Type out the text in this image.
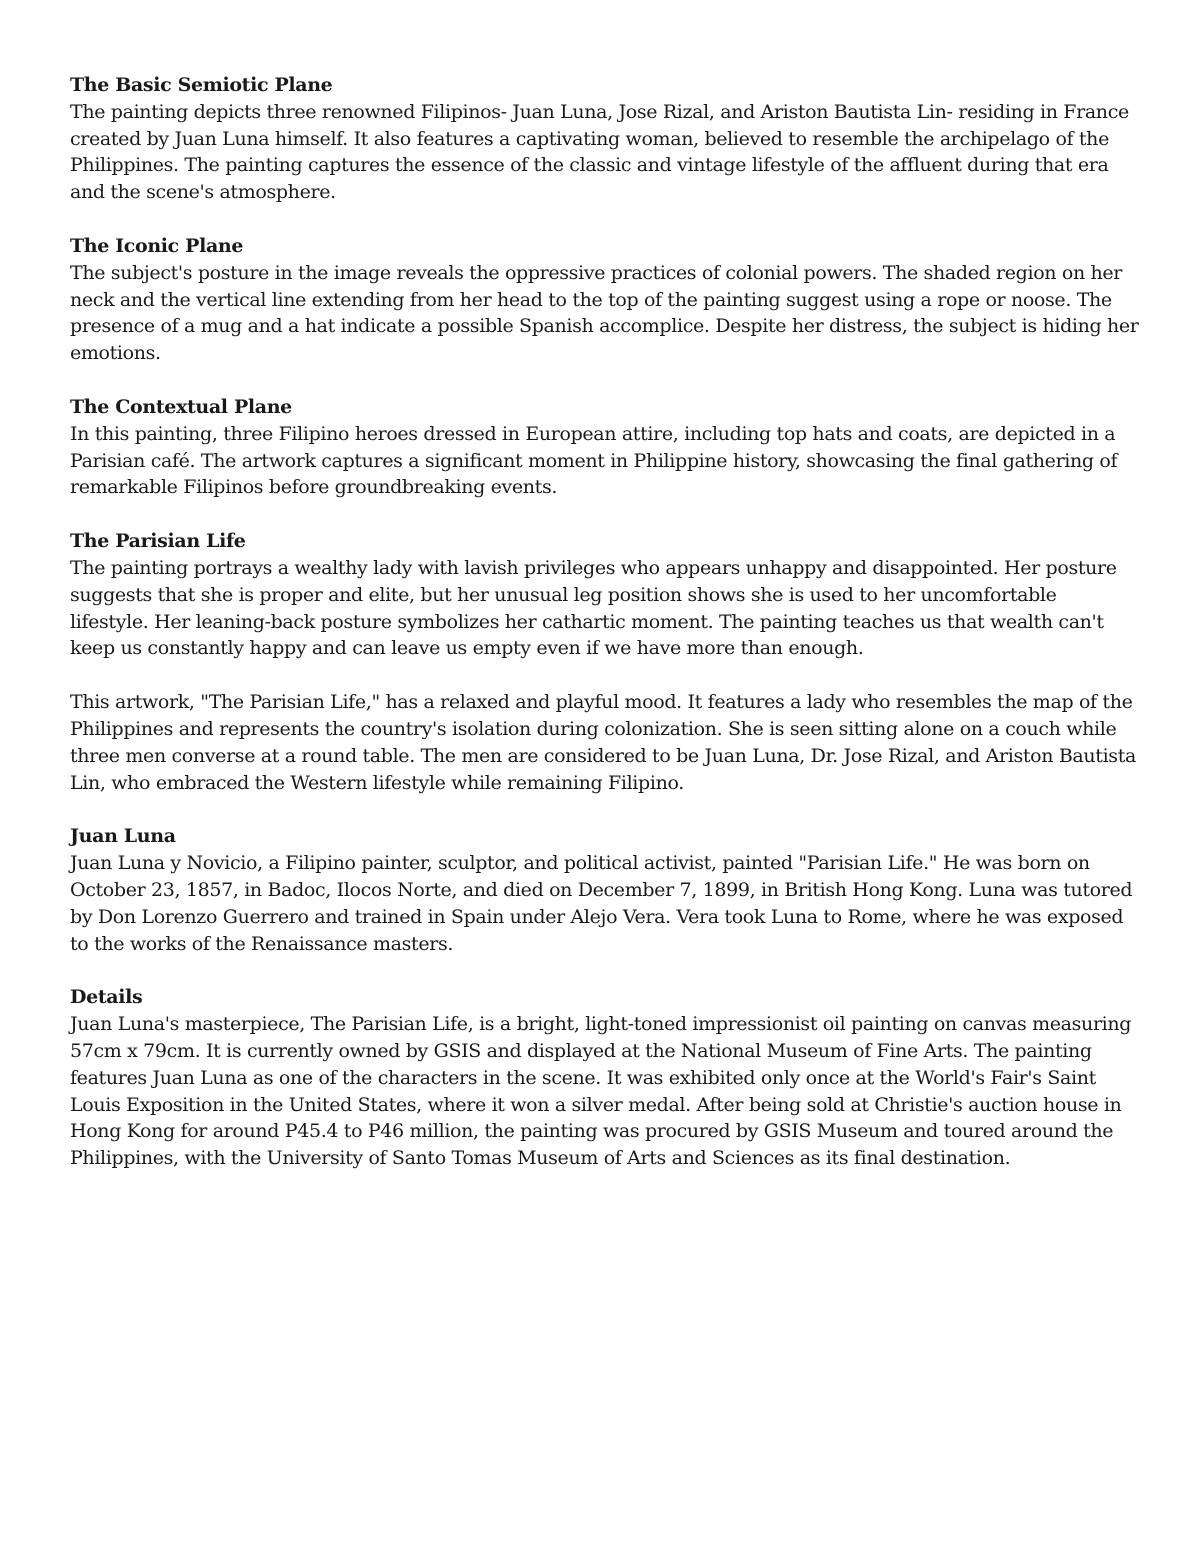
The Basic Semiotic Plane

The painting depicts three renowned Filipinos- Juan Luna, Jose Rizal, and Ariston Bautista Lin- residing in France created by Juan Luna himself. It also features a captivating woman, believed to resemble the archipelago of the Philippines. The painting captures the essence of the classic and vintage lifestyle of the affluent during that era and the scene's atmosphere.

The Iconic Plane

The subject's posture in the image reveals the oppressive practices of colonial powers. The shaded region on her neck and the vertical line extending from her head to the top of the painting suggest using a rope or noose. The presence of a mug and a hat indicate a possible Spanish accomplice. Despite her distress, the subject is hiding her emotions.

The Contextual Plane

In this painting, three Filipino heroes dressed in European attire, including top hats and coats, are depicted in a Parisian café. The artwork captures a significant moment in Philippine history, showcasing the final gathering of remarkable Filipinos before groundbreaking events.

The Parisian Life

The painting portrays a wealthy lady with lavish privileges who appears unhappy and disappointed. Her posture suggests that she is proper and elite, but her unusual leg position shows she is used to her uncomfortable lifestyle. Her leaning-back posture symbolizes her cathartic moment. The painting teaches us that wealth can't keep us constantly happy and can leave us empty even if we have more than enough.

This artwork, "The Parisian Life," has a relaxed and playful mood. It features a lady who resembles the map of the Philippines and represents the country's isolation during colonization. She is seen sitting alone on a couch while three men converse at a round table. The men are considered to be Juan Luna, Dr. Jose Rizal, and Ariston Bautista Lin, who embraced the Western lifestyle while remaining Filipino.

Juan Luna

Juan Luna y Novicio, a Filipino painter, sculptor, and political activist, painted "Parisian Life." He was born on October 23, 1857, in Badoc, Ilocos Norte, and died on December 7, 1899, in British Hong Kong. Luna was tutored by Don Lorenzo Guerrero and trained in Spain under Alejo Vera. Vera took Luna to Rome, where he was exposed to the works of the Renaissance masters.

Details

Juan Luna's masterpiece, The Parisian Life, is a bright, light-toned impressionist oil painting on canvas measuring 57cm x 79cm. It is currently owned by GSIS and displayed at the National Museum of Fine Arts. The painting features Juan Luna as one of the characters in the scene. It was exhibited only once at the World's Fair's Saint Louis Exposition in the United States, where it won a silver medal. After being sold at Christie's auction house in Hong Kong for around P45.4 to P46 million, the painting was procured by GSIS Museum and toured around the Philippines, with the University of Santo Tomas Museum of Arts and Sciences as its final destination.
